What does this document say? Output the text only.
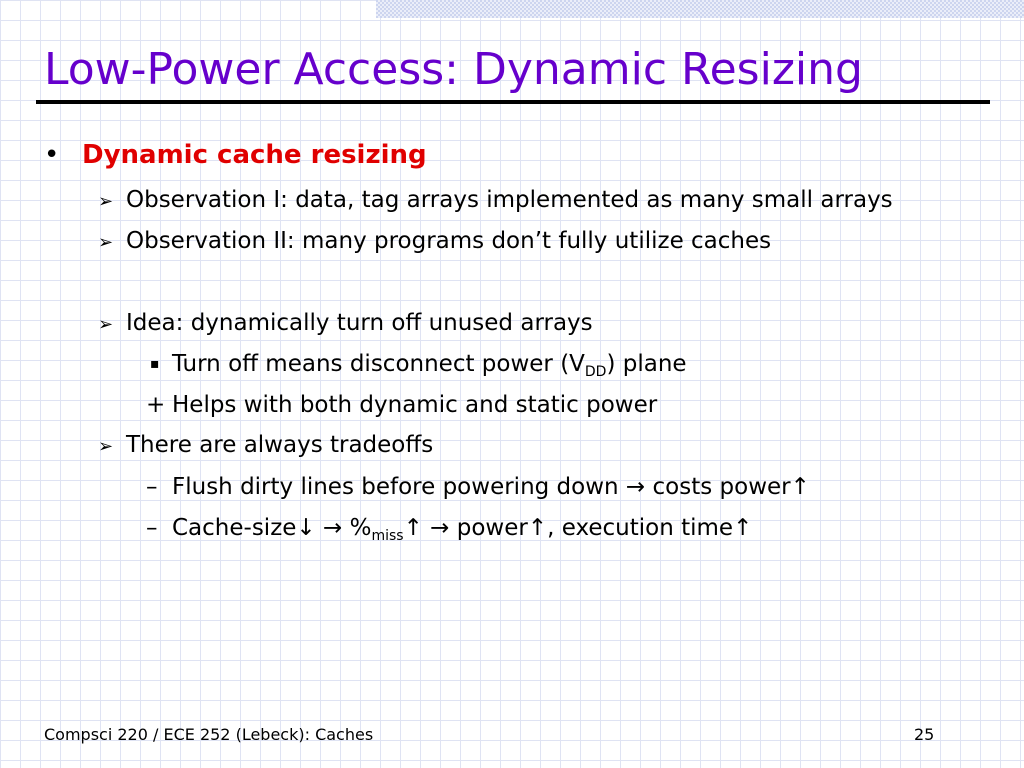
Low-Power Access: Dynamic Resizing
• Dynamic cache resizing
➢ Observation I: data, tag arrays implemented as many small arrays
➢ Observation II: many programs don’t fully utilize caches
➢ Idea: dynamically turn off unused arrays
▪ Turn off means disconnect power $(V_{DD})$ plane
+ Helps with both dynamic and static power
➢ There are always tradeoffs
– Flush dirty lines before powering down → costs power↑
– Cache-size↓ → $\%_{miss}↑$ → power↑, execution time↑
Compsci 220 / ECE 252 (Lebeck): Caches	25
